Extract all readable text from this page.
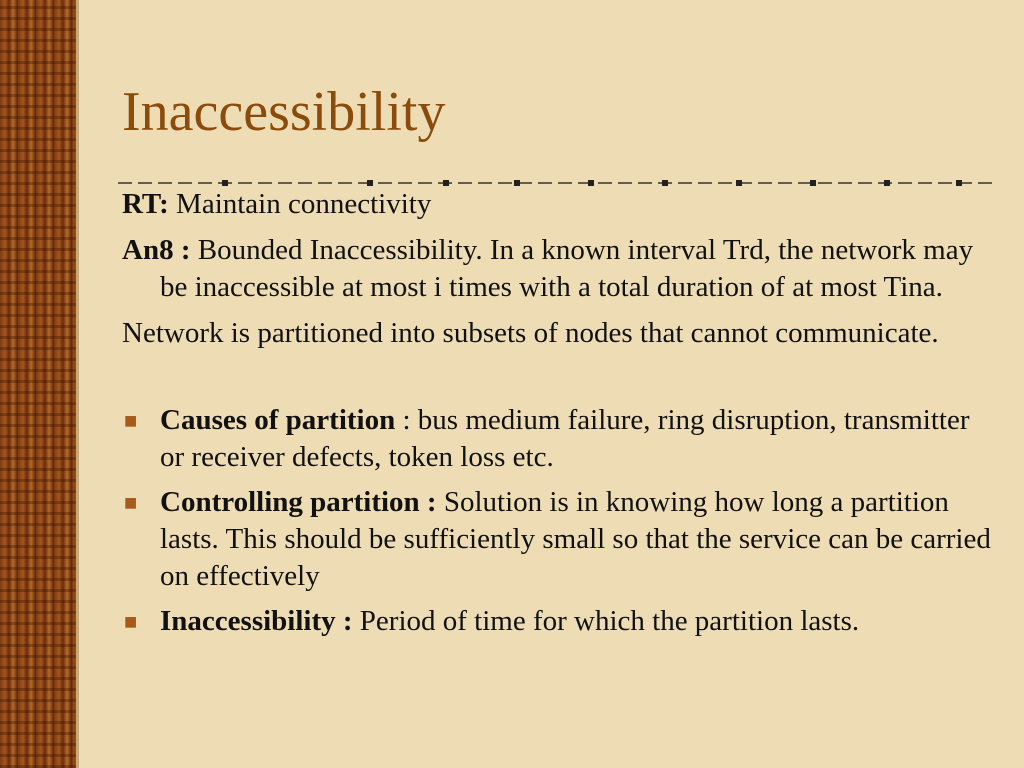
Inaccessibility

RT: Maintain connectivity

An8 : Bounded Inaccessibility. In a known interval Trd, the network may be inaccessible at most i times with a total duration of at most Tina.

Network is partitioned into subsets of nodes that cannot communicate.

■ Causes of partition : bus medium failure, ring disruption, transmitter or receiver defects, token loss etc.
■ Controlling partition : Solution is in knowing how long a partition lasts. This should be sufficiently small so that the service can be carried on effectively
■ Inaccessibility : Period of time for which the partition lasts.
